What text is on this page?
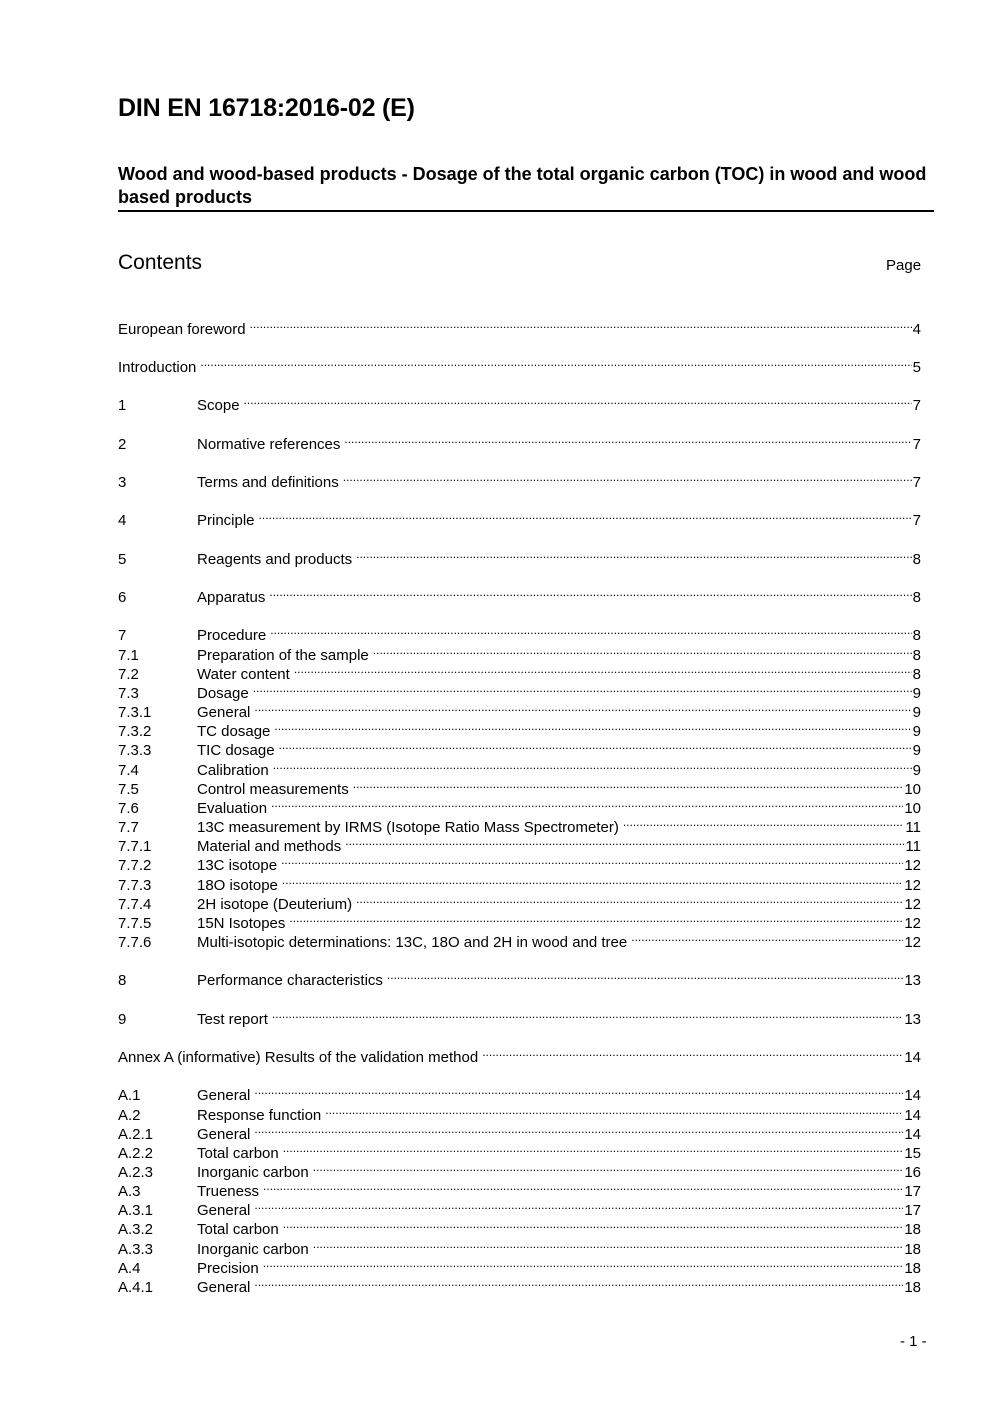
DIN EN 16718:2016-02 (E)
Wood and wood-based products - Dosage of the total organic carbon (TOC) in wood and wood based products
Contents	Page
European foreword .....	4
Introduction .....	5
1	Scope .....	7
2	Normative references .....	7
3	Terms and definitions .....	7
4	Principle .....	7
5	Reagents and products .....	8
6	Apparatus .....	8
7	Procedure .....	8
7.1	Preparation of the sample .....	8
7.2	Water content .....	8
7.3	Dosage .....	9
7.3.1	General .....	9
7.3.2	TC dosage .....	9
7.3.3	TIC dosage .....	9
7.4	Calibration .....	9
7.5	Control measurements .....	10
7.6	Evaluation .....	10
7.7	13C measurement by IRMS (Isotope Ratio Mass Spectrometer) .....	11
7.7.1	Material and methods .....	11
7.7.2	13C isotope .....	12
7.7.3	18O isotope .....	12
7.7.4	2H isotope (Deuterium) .....	12
7.7.5	15N Isotopes .....	12
7.7.6	Multi-isotopic determinations: 13C, 18O and 2H in wood and tree .....	12
8	Performance characteristics .....	13
9	Test report .....	13
Annex A (informative) Results of the validation method .....	14
A.1	General .....	14
A.2	Response function .....	14
A.2.1	General .....	14
A.2.2	Total carbon .....	15
A.2.3	Inorganic carbon .....	16
A.3	Trueness .....	17
A.3.1	General .....	17
A.3.2	Total carbon .....	18
A.3.3	Inorganic carbon .....	18
A.4	Precision .....	18
A.4.1	General .....	18
- 1 -
